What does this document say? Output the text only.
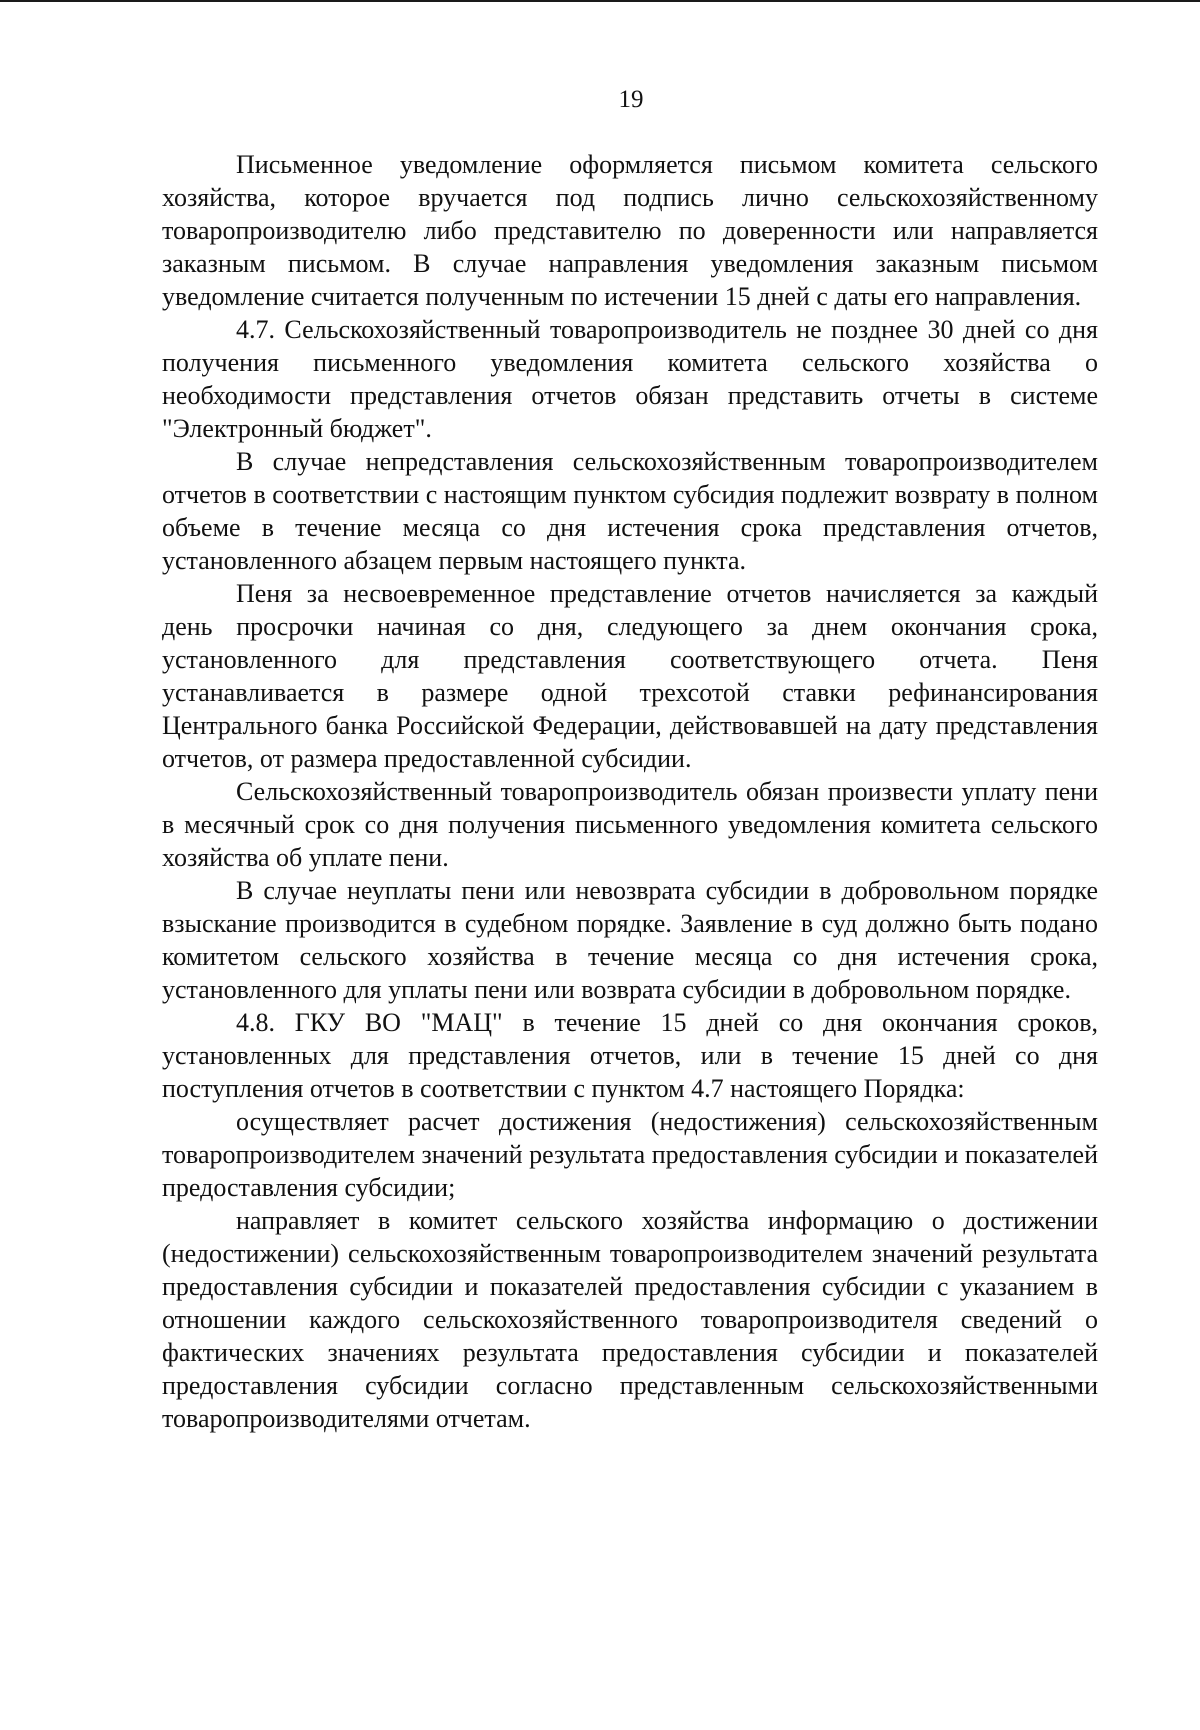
19

Письменное уведомление оформляется письмом комитета сельского хозяйства, которое вручается под подпись лично сельскохозяйственному товаропроизводителю либо представителю по доверенности или направляется заказным письмом. В случае направления уведомления заказным письмом уведомление считается полученным по истечении 15 дней с даты его направления.

4.7. Сельскохозяйственный товаропроизводитель не позднее 30 дней со дня получения письменного уведомления комитета сельского хозяйства о необходимости представления отчетов обязан представить отчеты в системе "Электронный бюджет".

В случае непредставления сельскохозяйственным товаропроизводителем отчетов в соответствии с настоящим пунктом субсидия подлежит возврату в полном объеме в течение месяца со дня истечения срока представления отчетов, установленного абзацем первым настоящего пункта.

Пеня за несвоевременное представление отчетов начисляется за каждый день просрочки начиная со дня, следующего за днем окончания срока, установленного для представления соответствующего отчета. Пеня устанавливается в размере одной трехсотой ставки рефинансирования Центрального банка Российской Федерации, действовавшей на дату представления отчетов, от размера предоставленной субсидии.

Сельскохозяйственный товаропроизводитель обязан произвести уплату пени в месячный срок со дня получения письменного уведомления комитета сельского хозяйства об уплате пени.

В случае неуплаты пени или невозврата субсидии в добровольном порядке взыскание производится в судебном порядке. Заявление в суд должно быть подано комитетом сельского хозяйства в течение месяца со дня истечения срока, установленного для уплаты пени или возврата субсидии в добровольном порядке.

4.8. ГКУ ВО "МАЦ" в течение 15 дней со дня окончания сроков, установленных для представления отчетов, или в течение 15 дней со дня поступления отчетов в соответствии с пунктом 4.7 настоящего Порядка:

осуществляет расчет достижения (недостижения) сельскохозяйственным товаропроизводителем значений результата предоставления субсидии и показателей предоставления субсидии;

направляет в комитет сельского хозяйства информацию о достижении (недостижении) сельскохозяйственным товаропроизводителем значений результата предоставления субсидии и показателей предоставления субсидии с указанием в отношении каждого сельскохозяйственного товаропроизводителя сведений о фактических значениях результата предоставления субсидии и показателей предоставления субсидии согласно представленным сельскохозяйственными товаропроизводителями отчетам.
